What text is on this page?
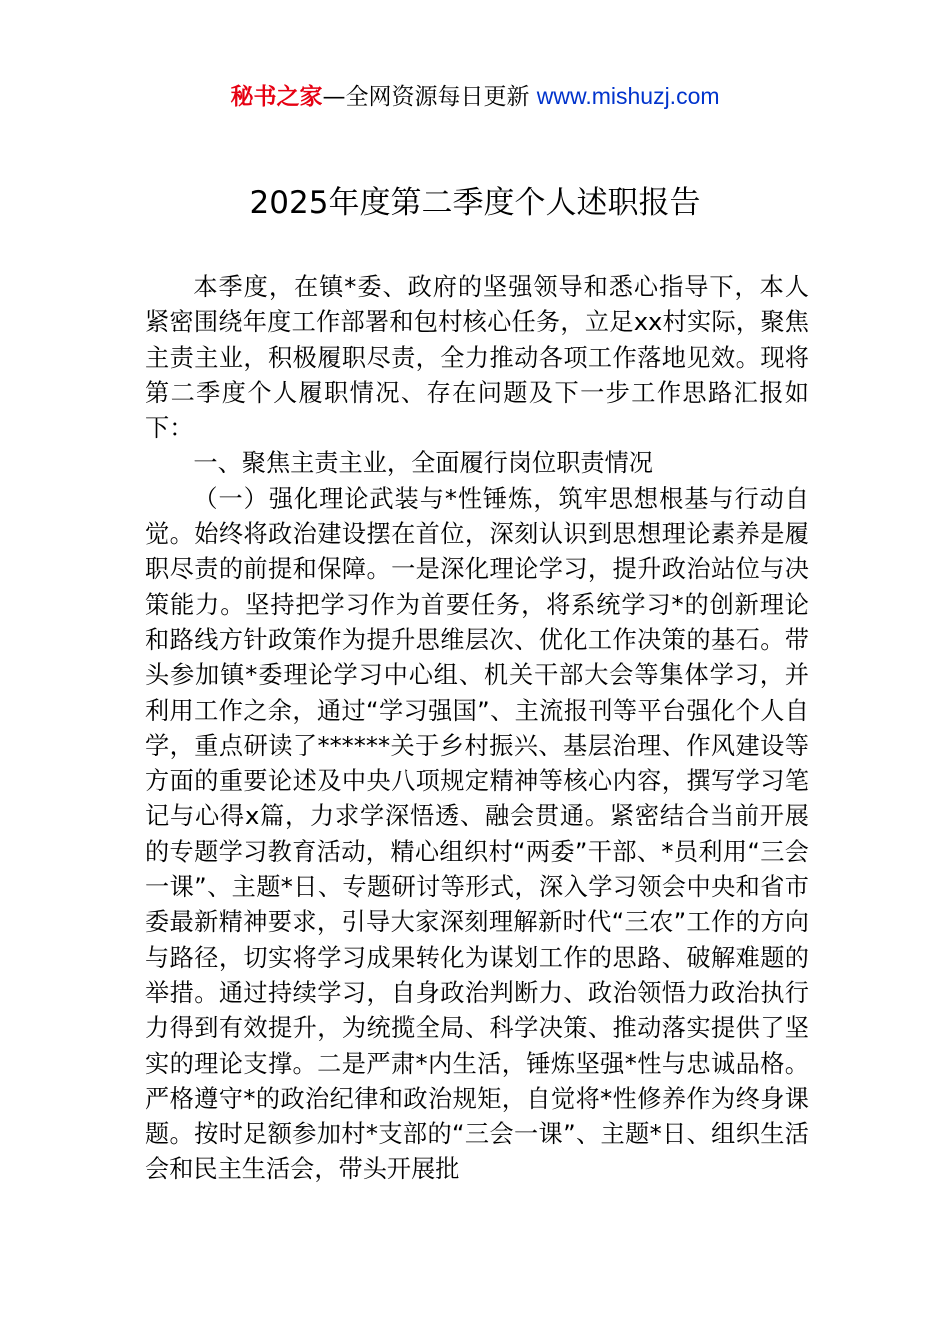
秘书之家—全网资源每日更新 www.mishuzj.com
2025年度第二季度个人述职报告

本季度，在镇*委、政府的坚强领导和悉心指导下，本人紧密围绕年度工作部署和包村核心任务，立足xx村实际，聚焦主责主业，积极履职尽责，全力推动各项工作落地见效。现将第二季度个人履职情况、存在问题及下一步工作思路汇报如下：

一、聚焦主责主业，全面履行岗位职责情况

（一）强化理论武装与*性锤炼，筑牢思想根基与行动自觉。始终将政治建设摆在首位，深刻认识到思想理论素养是履职尽责的前提和保障。一是深化理论学习，提升政治站位与决策能力。坚持把学习作为首要任务，将系统学习*的创新理论和路线方针政策作为提升思维层次、优化工作决策的基石。带头参加镇*委理论学习中心组、机关干部大会等集体学习，并利用工作之余，通过“学习强国”、主流报刊等平台强化个人自学，重点研读了******关于乡村振兴、基层治理、作风建设等方面的重要论述及中央八项规定精神等核心内容，撰写学习笔记与心得x篇，力求学深悟透、融会贯通。紧密结合当前开展的专题学习教育活动，精心组织村“两委”干部、*员利用“三会一课”、主题*日、专题研讨等形式，深入学习领会中央和省市委最新精神要求，引导大家深刻理解新时代“三农”工作的方向与路径，切实将学习成果转化为谋划工作的思路、破解难题的举措。通过持续学习，自身政治判断力、政治领悟力政治执行力得到有效提升，为统揽全局、科学决策、推动落实提供了坚实的理论支撑。二是严肃*内生活，锤炼坚强*性与忠诚品格。严格遵守*的政治纪律和政治规矩，自觉将*性修养作为终身课题。按时足额参加村*支部的“三会一课”、主题*日、组织生活会和民主生活会，带头开展批
